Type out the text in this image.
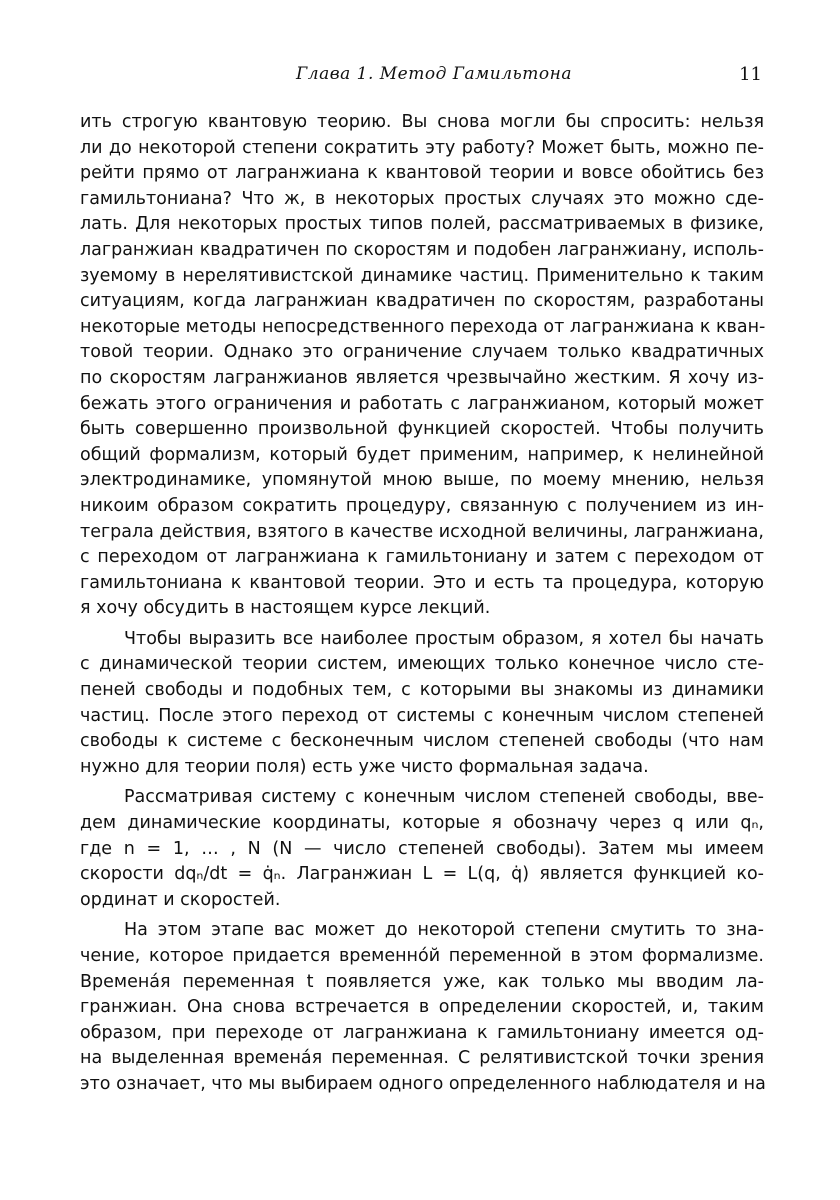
Глава 1. Метод Гамильтона	11
ить строгую квантовую теорию. Вы снова могли бы спросить: нельзя
ли до некоторой степени сократить эту работу? Может быть, можно пе-
рейти прямо от лагранжиана к квантовой теории и вовсе обойтись без
гамильтониана? Что ж, в некоторых простых случаях это можно сде-
лать. Для некоторых простых типов полей, рассматриваемых в физике,
лагранжиан квадратичен по скоростям и подобен лагранжиану, исполь-
зуемому в нерелятивистской динамике частиц. Применительно к таким
ситуациям, когда лагранжиан квадратичен по скоростям, разработаны
некоторые методы непосредственного перехода от лагранжиана к кван-
товой теории. Однако это ограничение случаем только квадратичных
по скоростям лагранжианов является чрезвычайно жестким. Я хочу из-
бежать этого ограничения и работать с лагранжианом, который может
быть совершенно произвольной функцией скоростей. Чтобы получить
общий формализм, который будет применим, например, к нелинейной
электродинамике, упомянутой мною выше, по моему мнению, нельзя
никоим образом сократить процедуру, связанную с получением из ин-
теграла действия, взятого в качестве исходной величины, лагранжиана,
с переходом от лагранжиана к гамильтониану и затем с переходом от
гамильтониана к квантовой теории. Это и есть та процедура, которую
я хочу обсудить в настоящем курсе лекций.
Чтобы выразить все наиболее простым образом, я хотел бы начать
с динамической теории систем, имеющих только конечное число сте-
пеней свободы и подобных тем, с которыми вы знакомы из динамики
частиц. После этого переход от системы с конечным числом степеней
свободы к системе с бесконечным числом степеней свободы (что нам
нужно для теории поля) есть уже чисто формальная задача.
Рассматривая систему с конечным числом степеней свободы, вве-
дем динамические координаты, которые я обозначу через q или qₙ,
где n = 1, … , N (N — число степеней свободы). Затем мы имеем
скорости dqₙ/dt = q̇ₙ. Лагранжиан L = L(q, q̇) является функцией ко-
ординат и скоростей.
На этом этапе вас может до некоторой степени смутить то зна-
чение, которое придается временно́й переменной в этом формализме.
Времена́я переменная t появляется уже, как только мы вводим ла-
гранжиан. Она снова встречается в определении скоростей, и, таким
образом, при переходе от лагранжиана к гамильтониану имеется од-
на выделенная времена́я переменная. С релятивистской точки зрения
это означает, что мы выбираем одного определенного наблюдателя и на
